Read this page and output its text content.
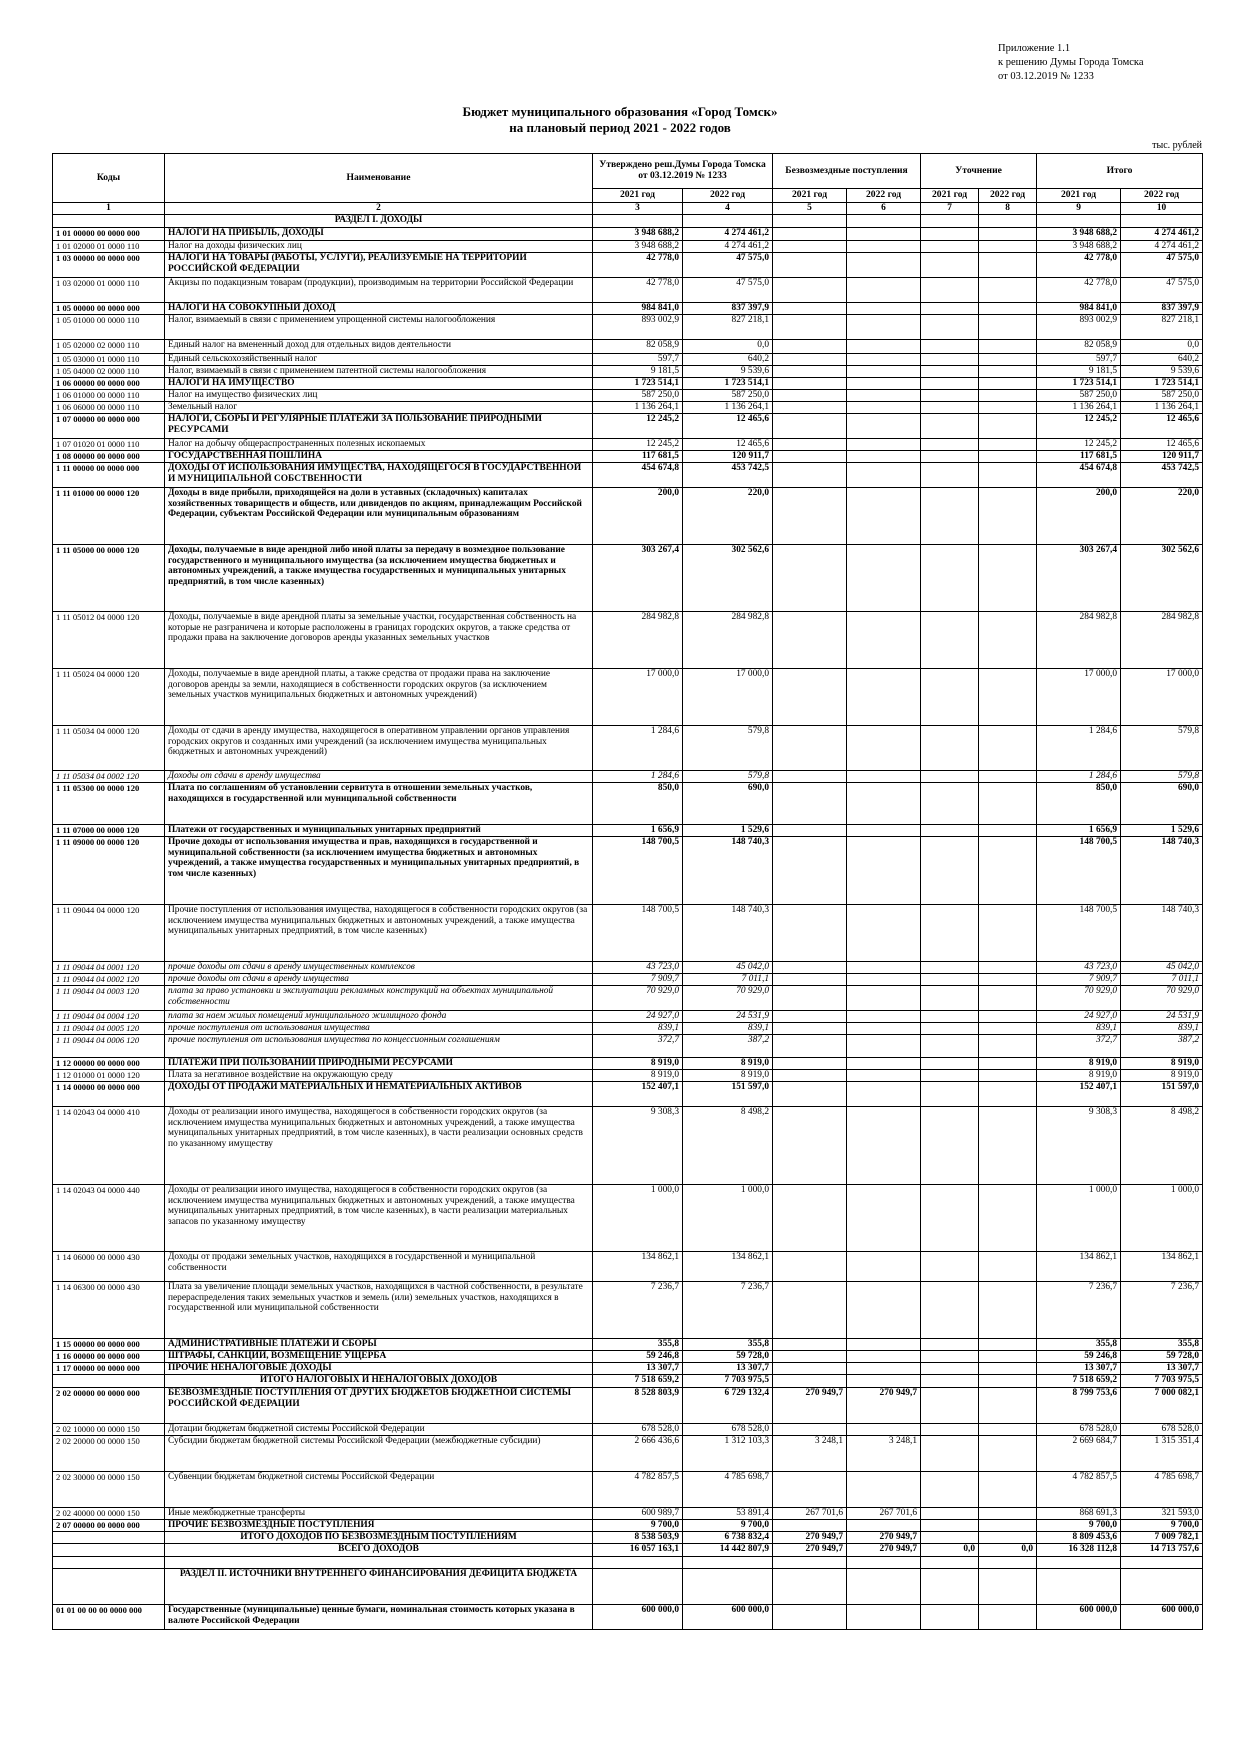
Приложение 1.1
к решению Думы Города Томска
от 03.12.2019 № 1233
Бюджет муниципального образования «Город Томск»
на плановый период 2021 - 2022 годов
тыс. рублей
Коды	Наименование	Утверждено реш.Думы Города Томска от 03.12.2019 № 1233		Безвозмездные поступления		Уточнение		Итого	
		2021 год	2022 год	2021 год	2022 год	2021 год	2022 год	2021 год	2022 год
1	2	3	4	5	6	7	8	9	10
	РАЗДЕЛ I. ДОХОДЫ								
1 01 00000 00 0000 000	НАЛОГИ НА ПРИБЫЛЬ, ДОХОДЫ	3 948 688,2	4 274 461,2					3 948 688,2	4 274 461,2
1 01 02000 01 0000 110	Налог на доходы физических лиц	3 948 688,2	4 274 461,2					3 948 688,2	4 274 461,2
1 03 00000 00 0000 000	НАЛОГИ НА ТОВАРЫ (РАБОТЫ, УСЛУГИ), РЕАЛИЗУЕМЫЕ НА ТЕРРИТОРИИ РОССИЙСКОЙ ФЕДЕРАЦИИ	42 778,0	47 575,0					42 778,0	47 575,0
1 03 02000 01 0000 110	Акцизы по подакцизным товарам (продукции), производимым на территории Российской Федерации	42 778,0	47 575,0					42 778,0	47 575,0
1 05 00000 00 0000 000	НАЛОГИ НА СОВОКУПНЫЙ ДОХОД	984 841,0	837 397,9					984 841,0	837 397,9
1 05 01000 00 0000 110	Налог, взимаемый в связи с применением упрощенной системы налогообложения	893 002,9	827 218,1					893 002,9	827 218,1
1 05 02000 02 0000 110	Единый налог на вмененный доход для отдельных видов деятельности	82 058,9	0,0					82 058,9	0,0
1 05 03000 01 0000 110	Единый сельскохозяйственный налог	597,7	640,2					597,7	640,2
1 05 04000 02 0000 110	Налог, взимаемый в связи с применением патентной системы налогообложения	9 181,5	9 539,6					9 181,5	9 539,6
1 06 00000 00 0000 000	НАЛОГИ НА ИМУЩЕСТВО	1 723 514,1	1 723 514,1					1 723 514,1	1 723 514,1
1 06 01000 00 0000 110	Налог на имущество физических лиц	587 250,0	587 250,0					587 250,0	587 250,0
1 06 06000 00 0000 110	Земельный налог	1 136 264,1	1 136 264,1					1 136 264,1	1 136 264,1
1 07 00000 00 0000 000	НАЛОГИ, СБОРЫ И РЕГУЛЯРНЫЕ ПЛАТЕЖИ ЗА ПОЛЬЗОВАНИЕ ПРИРОДНЫМИ РЕСУРСАМИ	12 245,2	12 465,6					12 245,2	12 465,6
1 07 01020 01 0000 110	Налог на добычу общераспространенных полезных ископаемых	12 245,2	12 465,6					12 245,2	12 465,6
1 08 00000 00 0000 000	ГОСУДАРСТВЕННАЯ ПОШЛИНА	117 681,5	120 911,7					117 681,5	120 911,7
1 11 00000 00 0000 000	ДОХОДЫ ОТ ИСПОЛЬЗОВАНИЯ ИМУЩЕСТВА, НАХОДЯЩЕГОСЯ В ГОСУДАРСТВЕННОЙ И МУНИЦИПАЛЬНОЙ СОБСТВЕННОСТИ	454 674,8	453 742,5					454 674,8	453 742,5
1 11 01000 00 0000 120	Доходы в виде прибыли, приходящейся на доли в уставных (складочных) капиталах хозяйственных товариществ и обществ, или дивидендов по акциям, принадлежащим Российской Федерации, субъектам Российской Федерации или муниципальным образованиям	200,0	220,0					200,0	220,0
1 11 05000 00 0000 120	Доходы, получаемые в виде арендной либо иной платы за передачу в возмездное пользование государственного и муниципального имущества (за исключением имущества бюджетных и автономных учреждений, а также имущества государственных и муниципальных унитарных предприятий, в том числе казенных)	303 267,4	302 562,6					303 267,4	302 562,6
1 11 05012 04 0000 120	Доходы, получаемые в виде арендной платы за земельные участки, государственная собственность на которые не разграничена и которые расположены в границах городских округов, а также средства от продажи права на заключение договоров аренды указанных земельных участков	284 982,8	284 982,8					284 982,8	284 982,8
1 11 05024 04 0000 120	Доходы, получаемые в виде арендной платы, а также средства от продажи права на заключение договоров аренды за земли, находящиеся в собственности городских округов (за исключением земельных участков муниципальных бюджетных и автономных учреждений)	17 000,0	17 000,0					17 000,0	17 000,0
1 11 05034 04 0000 120	Доходы от сдачи в аренду имущества, находящегося в оперативном управлении органов управления городских округов и созданных ими учреждений (за исключением имущества муниципальных бюджетных и автономных учреждений)	1 284,6	579,8					1 284,6	579,8
1 11 05034 04 0002 120	Доходы от сдачи в аренду имущества	1 284,6	579,8					1 284,6	579,8
1 11 05300 00 0000 120	Плата по соглашениям об установлении сервитута в отношении земельных участков, находящихся в государственной или муниципальной собственности	850,0	690,0					850,0	690,0
1 11 07000 00 0000 120	Платежи от государственных и муниципальных унитарных предприятий	1 656,9	1 529,6					1 656,9	1 529,6
1 11 09000 00 0000 120	Прочие доходы от использования имущества и прав, находящихся в государственной и муниципальной собственности (за исключением имущества бюджетных и автономных учреждений, а также имущества государственных и муниципальных унитарных предприятий, в том числе казенных)	148 700,5	148 740,3					148 700,5	148 740,3
1 11 09044 04 0000 120	Прочие поступления от использования имущества, находящегося в собственности городских округов (за исключением имущества муниципальных бюджетных и автономных учреждений, а также имущества муниципальных унитарных предприятий, в том числе казенных)	148 700,5	148 740,3					148 700,5	148 740,3
1 11 09044 04 0001 120	прочие доходы от сдачи в аренду имущественных комплексов	43 723,0	45 042,0					43 723,0	45 042,0
1 11 09044 04 0002 120	прочие доходы от сдачи в аренду имущества	7 909,7	7 011,1					7 909,7	7 011,1
1 11 09044 04 0003 120	плата за право установки и эксплуатации рекламных конструкций на объектах муниципальной собственности	70 929,0	70 929,0					70 929,0	70 929,0
1 11 09044 04 0004 120	плата за наем жилых помещений муниципального жилищного фонда	24 927,0	24 531,9					24 927,0	24 531,9
1 11 09044 04 0005 120	прочие поступления от использования имущества	839,1	839,1					839,1	839,1
1 11 09044 04 0006 120	прочие поступления от использования имущества по концессионным соглашениям	372,7	387,2					372,7	387,2
1 12 00000 00 0000 000	ПЛАТЕЖИ ПРИ ПОЛЬЗОВАНИИ ПРИРОДНЫМИ РЕСУРСАМИ	8 919,0	8 919,0					8 919,0	8 919,0
1 12 01000 01 0000 120	Плата за негативное воздействие на окружающую среду	8 919,0	8 919,0					8 919,0	8 919,0
1 14 00000 00 0000 000	ДОХОДЫ ОТ ПРОДАЖИ МАТЕРИАЛЬНЫХ И НЕМАТЕРИАЛЬНЫХ АКТИВОВ	152 407,1	151 597,0					152 407,1	151 597,0
1 14 02043 04 0000 410	Доходы от реализации иного имущества, находящегося в собственности городских округов (за исключением имущества муниципальных бюджетных и автономных учреждений, а также имущества муниципальных унитарных предприятий, в том числе казенных), в части реализации основных средств по указанному имуществу	9 308,3	8 498,2					9 308,3	8 498,2
1 14 02043 04 0000 440	Доходы от реализации иного имущества, находящегося в собственности городских округов (за исключением имущества муниципальных бюджетных и автономных учреждений, а также имущества муниципальных унитарных предприятий, в том числе казенных), в части реализации материальных запасов по указанному имуществу	1 000,0	1 000,0					1 000,0	1 000,0
1 14 06000 00 0000 430	Доходы от продажи земельных участков, находящихся в государственной и муниципальной собственности	134 862,1	134 862,1					134 862,1	134 862,1
1 14 06300 00 0000 430	Плата за увеличение площади земельных участков, находящихся в частной собственности, в результате перераспределения таких земельных участков и земель (или) земельных участков, находящихся в государственной или муниципальной собственности	7 236,7	7 236,7					7 236,7	7 236,7
1 15 00000 00 0000 000	АДМИНИСТРАТИВНЫЕ ПЛАТЕЖИ И СБОРЫ	355,8	355,8					355,8	355,8
1 16 00000 00 0000 000	ШТРАФЫ, САНКЦИИ, ВОЗМЕЩЕНИЕ УЩЕРБА	59 246,8	59 728,0					59 246,8	59 728,0
1 17 00000 00 0000 000	ПРОЧИЕ НЕНАЛОГОВЫЕ ДОХОДЫ	13 307,7	13 307,7					13 307,7	13 307,7
	ИТОГО НАЛОГОВЫХ И НЕНАЛОГОВЫХ ДОХОДОВ	7 518 659,2	7 703 975,5					7 518 659,2	7 703 975,5
2 02 00000 00 0000 000	БЕЗВОЗМЕЗДНЫЕ ПОСТУПЛЕНИЯ ОТ ДРУГИХ БЮДЖЕТОВ БЮДЖЕТНОЙ СИСТЕМЫ РОССИЙСКОЙ ФЕДЕРАЦИИ	8 528 803,9	6 729 132,4	270 949,7	270 949,7			8 799 753,6	7 000 082,1
2 02 10000 00 0000 150	Дотации бюджетам бюджетной системы Российской Федерации	678 528,0	678 528,0					678 528,0	678 528,0
2 02 20000 00 0000 150	Субсидии бюджетам бюджетной системы Российской Федерации (межбюджетные субсидии)	2 666 436,6	1 312 103,3	3 248,1	3 248,1			2 669 684,7	1 315 351,4
2 02 30000 00 0000 150	Субвенции бюджетам бюджетной системы Российской Федерации	4 782 857,5	4 785 698,7					4 782 857,5	4 785 698,7
2 02 40000 00 0000 150	Иные межбюджетные трансферты	600 989,7	53 891,4	267 701,6	267 701,6			868 691,3	321 593,0
2 07 00000 00 0000 000	ПРОЧИЕ БЕЗВОЗМЕЗДНЫЕ ПОСТУПЛЕНИЯ	9 700,0	9 700,0					9 700,0	9 700,0
	ИТОГО ДОХОДОВ ПО БЕЗВОЗМЕЗДНЫМ ПОСТУПЛЕНИЯМ	8 538 503,9	6 738 832,4	270 949,7	270 949,7			8 809 453,6	7 009 782,1
	ВСЕГО ДОХОДОВ	16 057 163,1	14 442 807,9	270 949,7	270 949,7	0,0	0,0	16 328 112,8	14 713 757,6

	РАЗДЕЛ II. ИСТОЧНИКИ ВНУТРЕННЕГО ФИНАНСИРОВАНИЯ ДЕФИЦИТА БЮДЖЕТА								
01 01 00 00 00 0000 000	Государственные (муниципальные) ценные бумаги, номинальная стоимость которых указана в валюте Российской Федерации	600 000,0	600 000,0					600 000,0	600 000,0
